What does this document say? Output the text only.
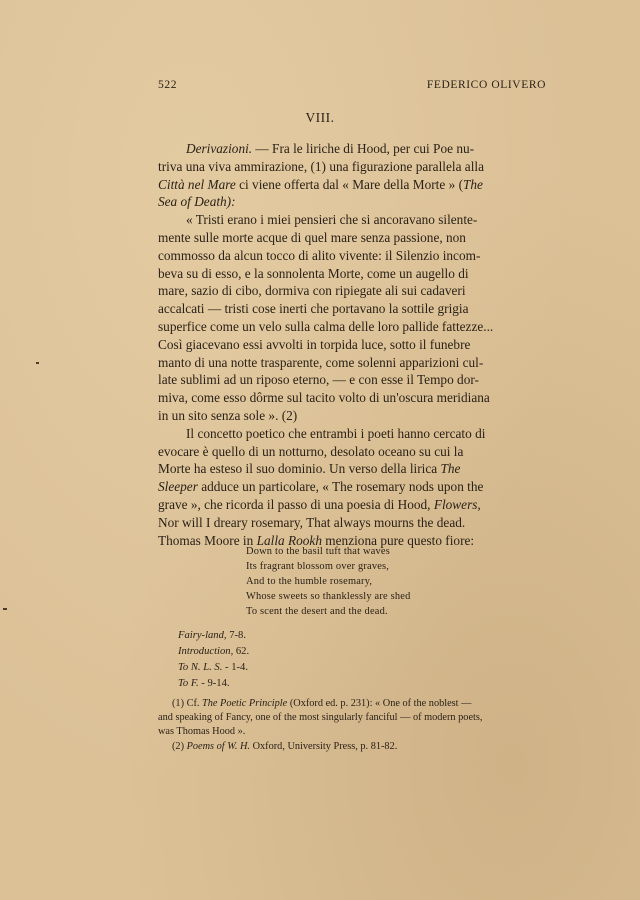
522	FEDERICO OLIVERO
VIII.

Derivazioni. — Fra le liriche di Hood, per cui Poe nu-

triva una viva ammirazione, (1) una figurazione parallela alla
Città nel Mare ci viene offerta dal « Mare della Morte » (The
Sea of Death):
« Tristi erano i miei pensieri che si ancoravano silente-
mente sulle morte acque di quel mare senza passione, non
commosso da alcun tocco di alito vivente: il Silenzio incom-
beva su di esso, e la sonnolenta Morte, come un augello di
mare, sazio di cibo, dormiva con ripiegate ali sui cadaveri
accalcati — tristi cose inerti che portavano la sottile grigia
superfice come un velo sulla calma delle loro pallide fattezze...
Così giacevano essi avvolti in torpida luce, sotto il funebre
manto di una notte trasparente, come solenni apparizioni cul-
late sublimi ad un riposo eterno, — e con esse il Tempo dor-
miva, come esso dôrme sul tacito volto di un'oscura meridiana
in un sito senza sole ». (2)
Il concetto poetico che entrambi i poeti hanno cercato di
evocare è quello di un notturno, desolato oceano su cui la
Morte ha esteso il suo dominio. Un verso della lirica The
Sleeper adduce un particolare, « The rosemary nods upon the
grave », che ricorda il passo di una poesia di Hood, Flowers,
Nor will I dreary rosemary, That always mourns the dead.
Thomas Moore in Lalla Rookh menziona pure questo fiore:
Down to the basil tuft that waves
Its fragrant blossom over graves,
And to the humble rosemary,
Whose sweets so thanklessly are shed
To scent the desert and the dead.
Fairy-land, 7-8.
Introduction, 62.
To N. L. S. - 1-4.
To F. - 9-14.
(1) Cf. The Poetic Principle (Oxford ed. p. 231): « One of the noblest —
and speaking of Fancy, one of the most singularly fanciful — of modern poets,
was Thomas Hood ».
(2) Poems of W. H. Oxford, University Press, p. 81-82.
